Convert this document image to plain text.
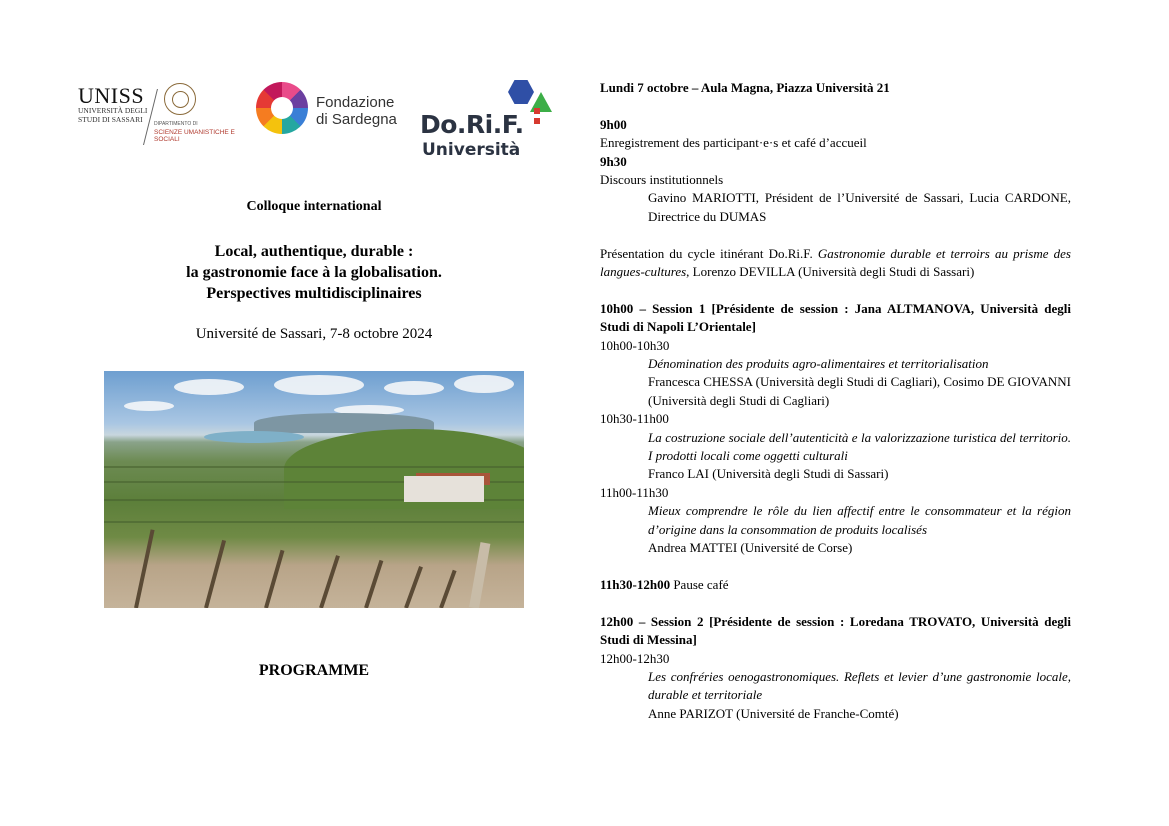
UNISS
UNIVERSITÀ DEGLI STUDI DI SASSARI
DIPARTIMENTO DI
SCIENZE UMANISTICHE E SOCIALI
Fondazione
di Sardegna Do.Ri.F.
Università
Colloque international
Local, authentique, durable :
la gastronomie face à la globalisation.
Perspectives multidisciplinaires
Université de Sassari, 7-8 octobre 2024
PROGRAMME
Lundi 7 octobre – Aula Magna, Piazza Università 21
9h00
Enregistrement des participant·e·s et café d’accueil
9h30
Discours institutionnels
Gavino MARIOTTI, Président de l’Université de Sassari, Lucia CARDONE, Directrice du DUMAS
Présentation du cycle itinérant Do.Ri.F. Gastronomie durable et terroirs au prisme des langues-cultures, Lorenzo DEVILLA (Università degli Studi di Sassari)
10h00 – Session 1 [Présidente de session : Jana ALTMANOVA, Università degli Studi di Napoli L’Orientale]
10h00-10h30
Dénomination des produits agro-alimentaires et territorialisation
Francesca CHESSA (Università degli Studi di Cagliari), Cosimo DE GIOVANNI (Università degli Studi di Cagliari)
10h30-11h00
La costruzione sociale dell’autenticità e la valorizzazione turistica del territorio. I prodotti locali come oggetti culturali
Franco LAI (Università degli Studi di Sassari)
11h00-11h30
Mieux comprendre le rôle du lien affectif entre le consommateur et la région d’origine dans la consommation de produits localisés
Andrea MATTEI (Université de Corse)
11h30-12h00 Pause café
12h00 – Session 2 [Présidente de session : Loredana TROVATO, Università degli Studi di Messina]
12h00-12h30
Les confréries oenogastronomiques. Reflets et levier d’une gastronomie locale, durable et territoriale
Anne PARIZOT (Université de Franche-Comté)
